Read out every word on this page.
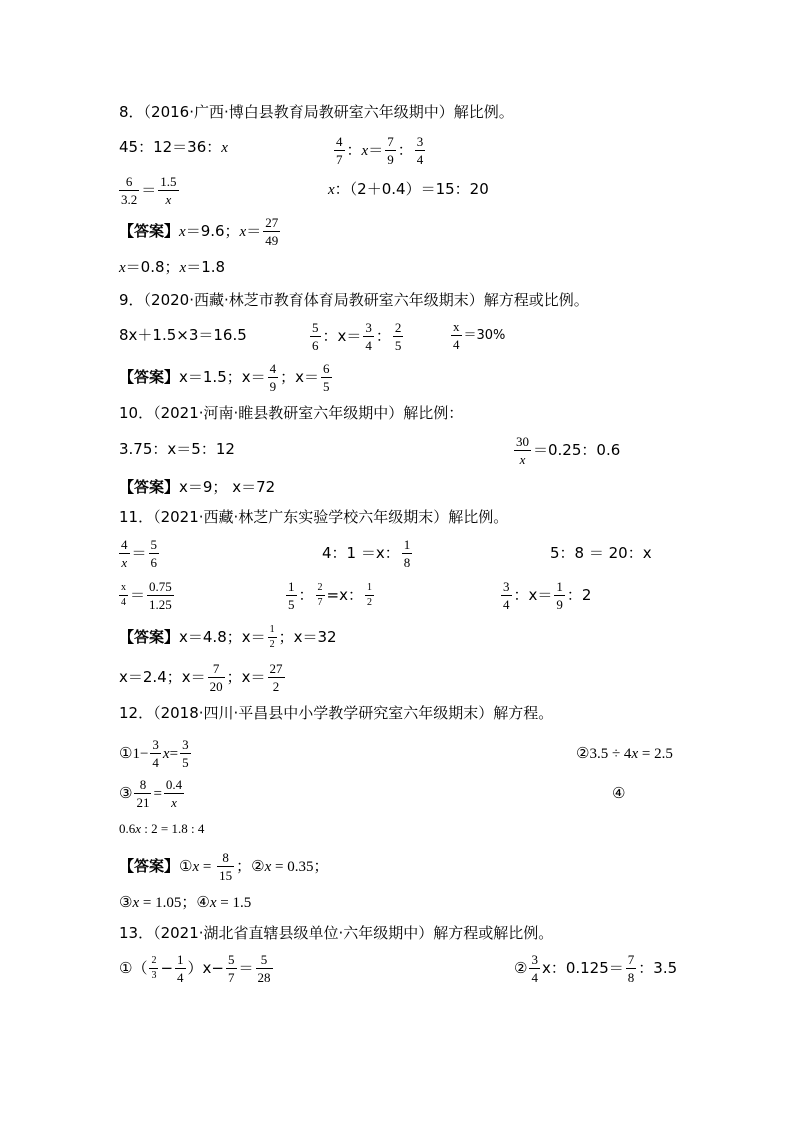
8．（2016·广西·博白县教育局教研室六年级期中）解比例。
45：12＝36：x	$\frac{4}{7}$ ：$x= \frac{7}{9}$ ： $\frac{3}{4}$
$\frac{6}{3.2} = \frac{1.5}{x}$	x：（2＋0.4）＝15：20
【答案】x＝9.6；$x= \frac{27}{49}$
x＝0.8；x＝1.8
9．（2020·西藏·林芝市教育体育局教研室六年级期末）解方程或比例。
8x＋1.5×3＝16.5	$\frac{5}{6}$ ：$x= \frac{3}{4}$ ： $\frac{2}{5}$	$\frac{x}{4} =30\%$
【答案】x＝1.5；$x= \frac{4}{9}$ ；$x= \frac{6}{5}$
10．（2021·河南·睢县教研室六年级期中）解比例：
3.75：x＝5：12	$\frac{30}{x} =0.25$：0.6
【答案】x＝9； x＝72
11．（2021·西藏·林芝广东实验学校六年级期末）解比例。
$\frac{4}{x} = \frac{5}{6}$	4：1 ＝x： $\frac{1}{8}$	5：8 ＝ 20：x
$\frac{x}{4} = \frac{0.75}{1.25}$	$\frac{1}{5}$ ： $\frac{2}{7} =x$： $\frac{1}{2}$	$\frac{3}{4}$ ：$x= \frac{1}{9}$ ：2
【答案】x＝4.8；$x= \frac{1}{2}$ ；x＝32
x＝2.4；$x= \frac{7}{20}$ ；$x= \frac{27}{2}$
12．（2018·四川·平昌县中小学教学研究室六年级期末）解方程。
①1− $\frac{3}{4} x= \frac{3}{5}$	②3.5 ÷ 4x = 2.5
③ $\frac{8}{21} = \frac{0.4}{x}$	④
0.6x : 2 = 1.8 : 4
【答案】①x = $\frac{8}{15}$ ；②x = 0.35；
③x = 1.05；④x = 1.5
13．（2021·湖北省直辖县级单位·六年级期中）解方程或解比例。
①（ $\frac{2}{3} - \frac{1}{4} )x- \frac{5}{7} = \frac{5}{28}$	② $\frac{3}{4}$ x：$0.125= \frac{7}{8}$ ：3.5
